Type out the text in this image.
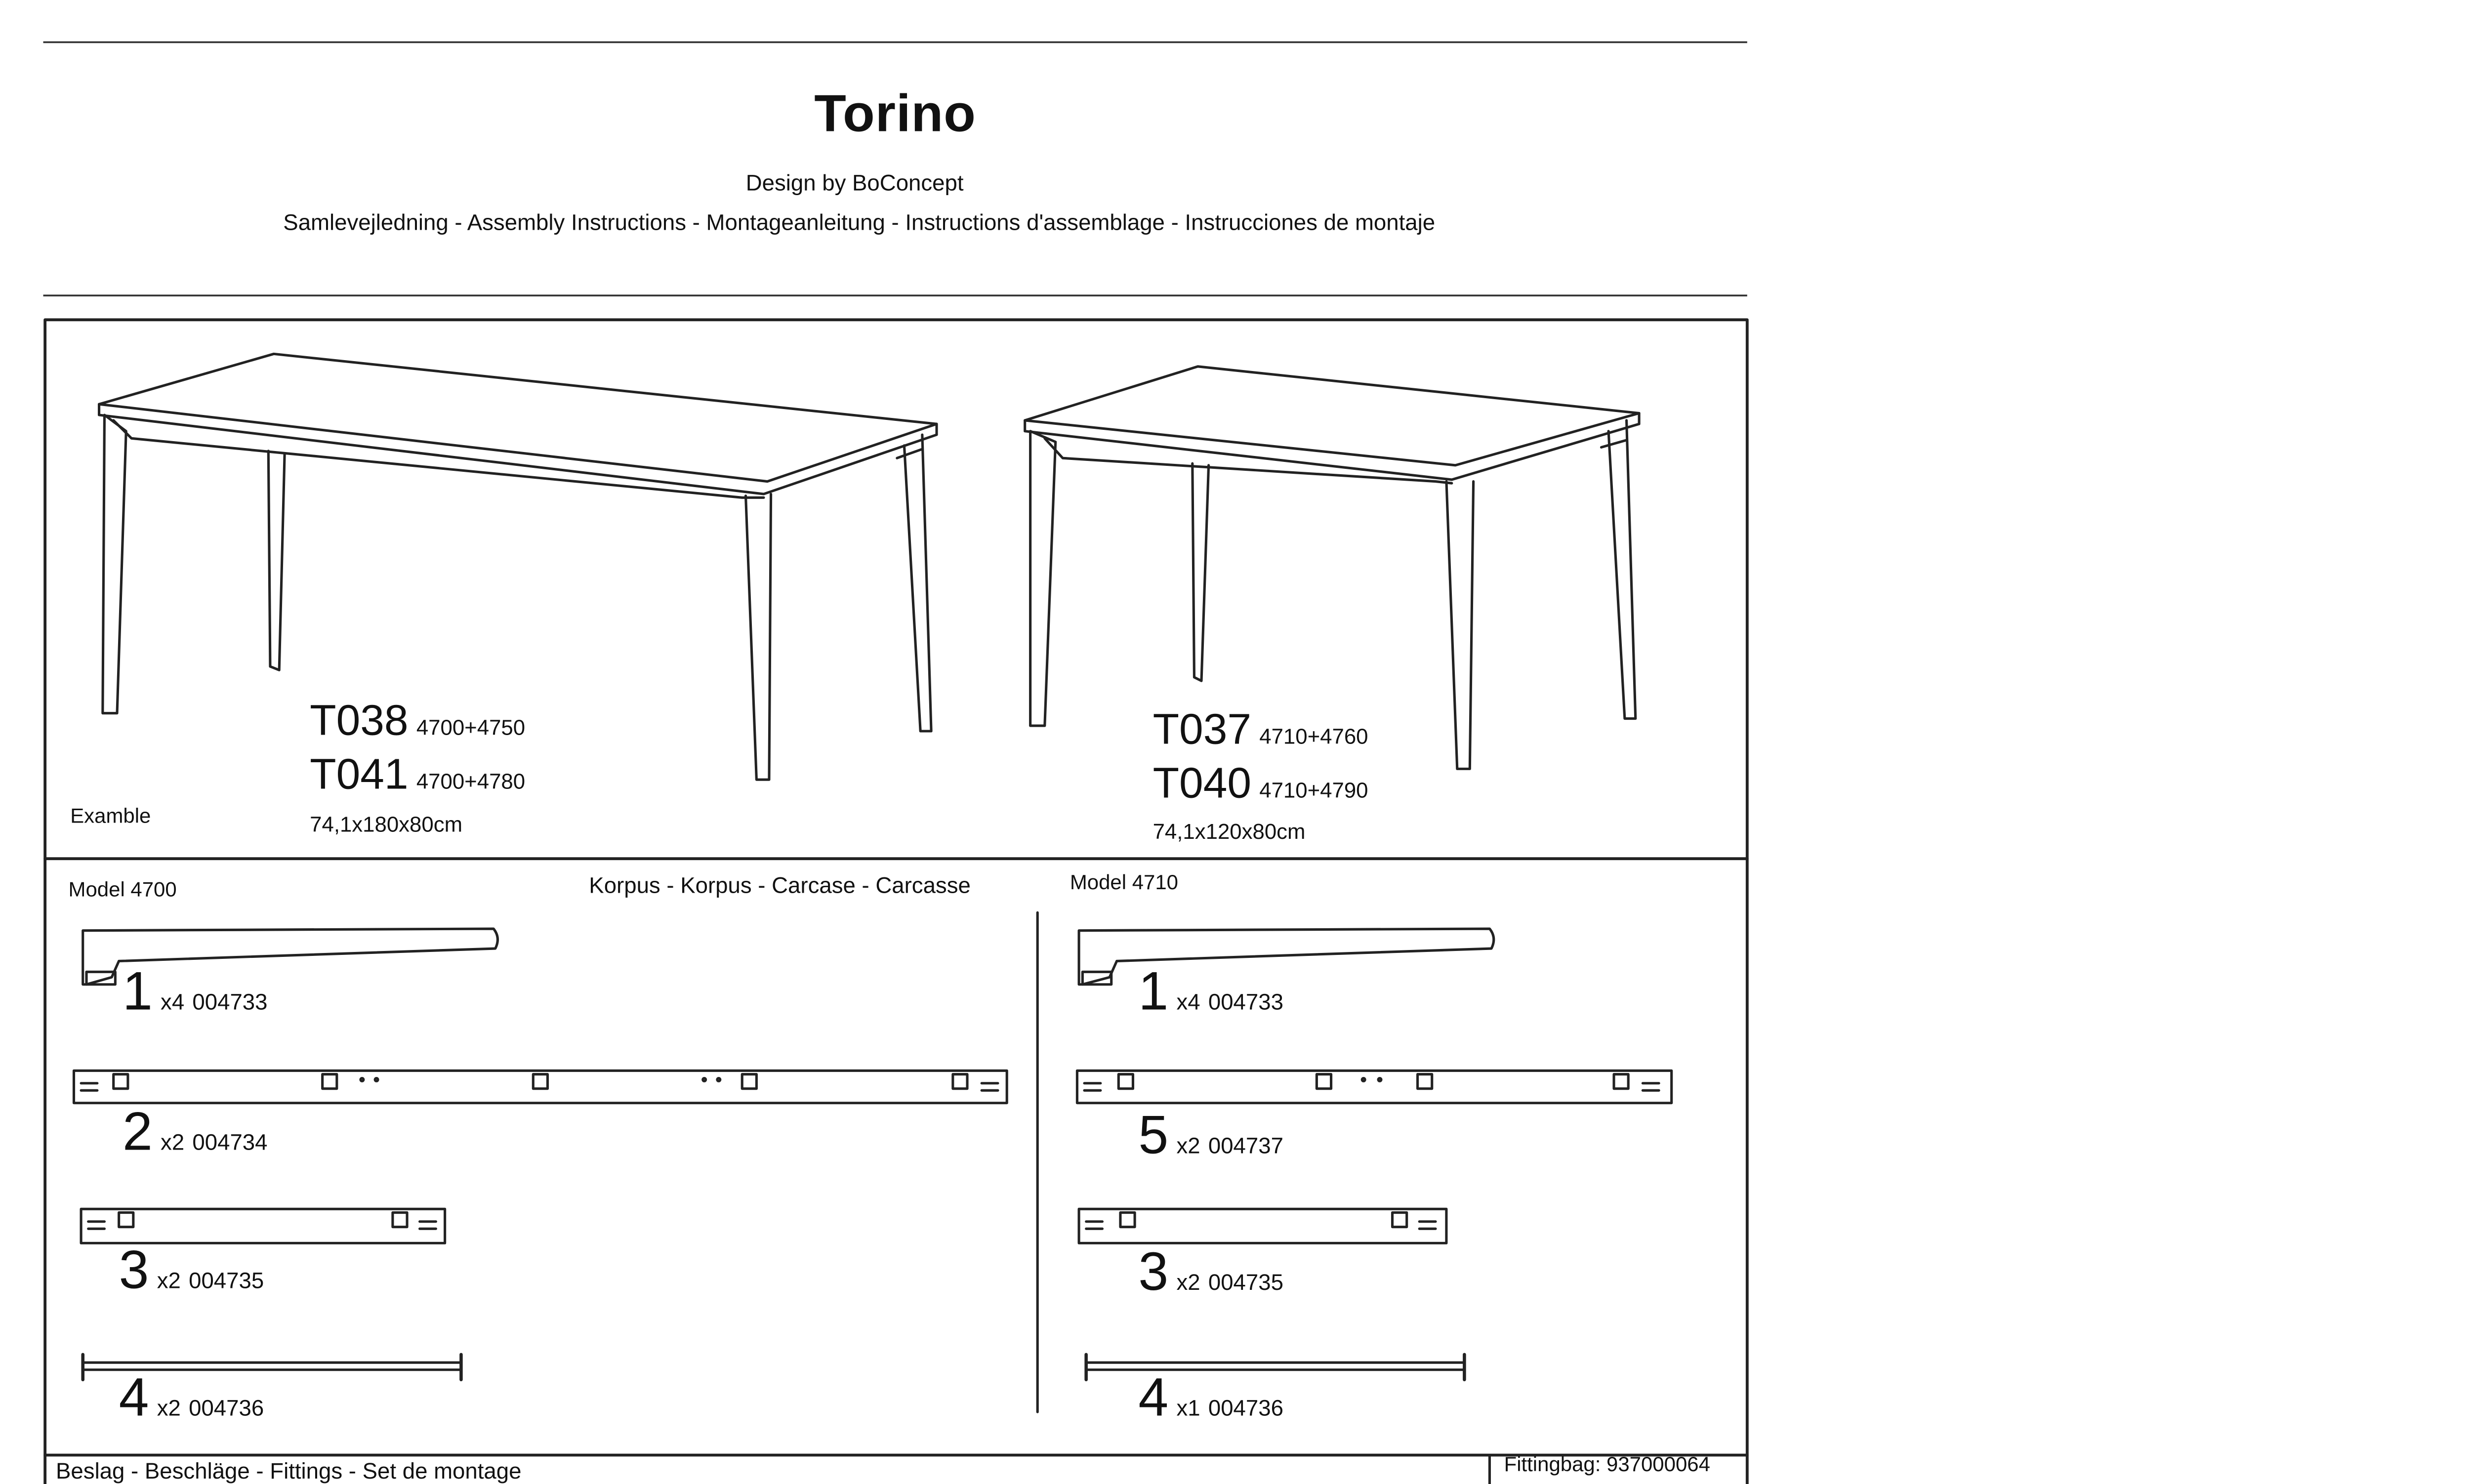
Torino
Design by BoConcept
Samlevejledning - Assembly Instructions - Montageanleitung - Instructions d'assemblage - Instrucciones de montaje
Examble
T038 4700+4750
T041 4700+4780
74,1x180x80cm
T037 4710+4760
T040 4710+4790
74,1x120x80cm
Model 4700	Korpus - Korpus - Carcase - Carcasse	Model 4710
1 x4 004733
2 x2 004734
3 x2 004735
4 x2 004736
1 x4 004733
5 x2 004737
3 x2 004735
4 x1 004736
Beslag - Beschläge - Fittings - Set de montage	Fittingbag: 937000064
